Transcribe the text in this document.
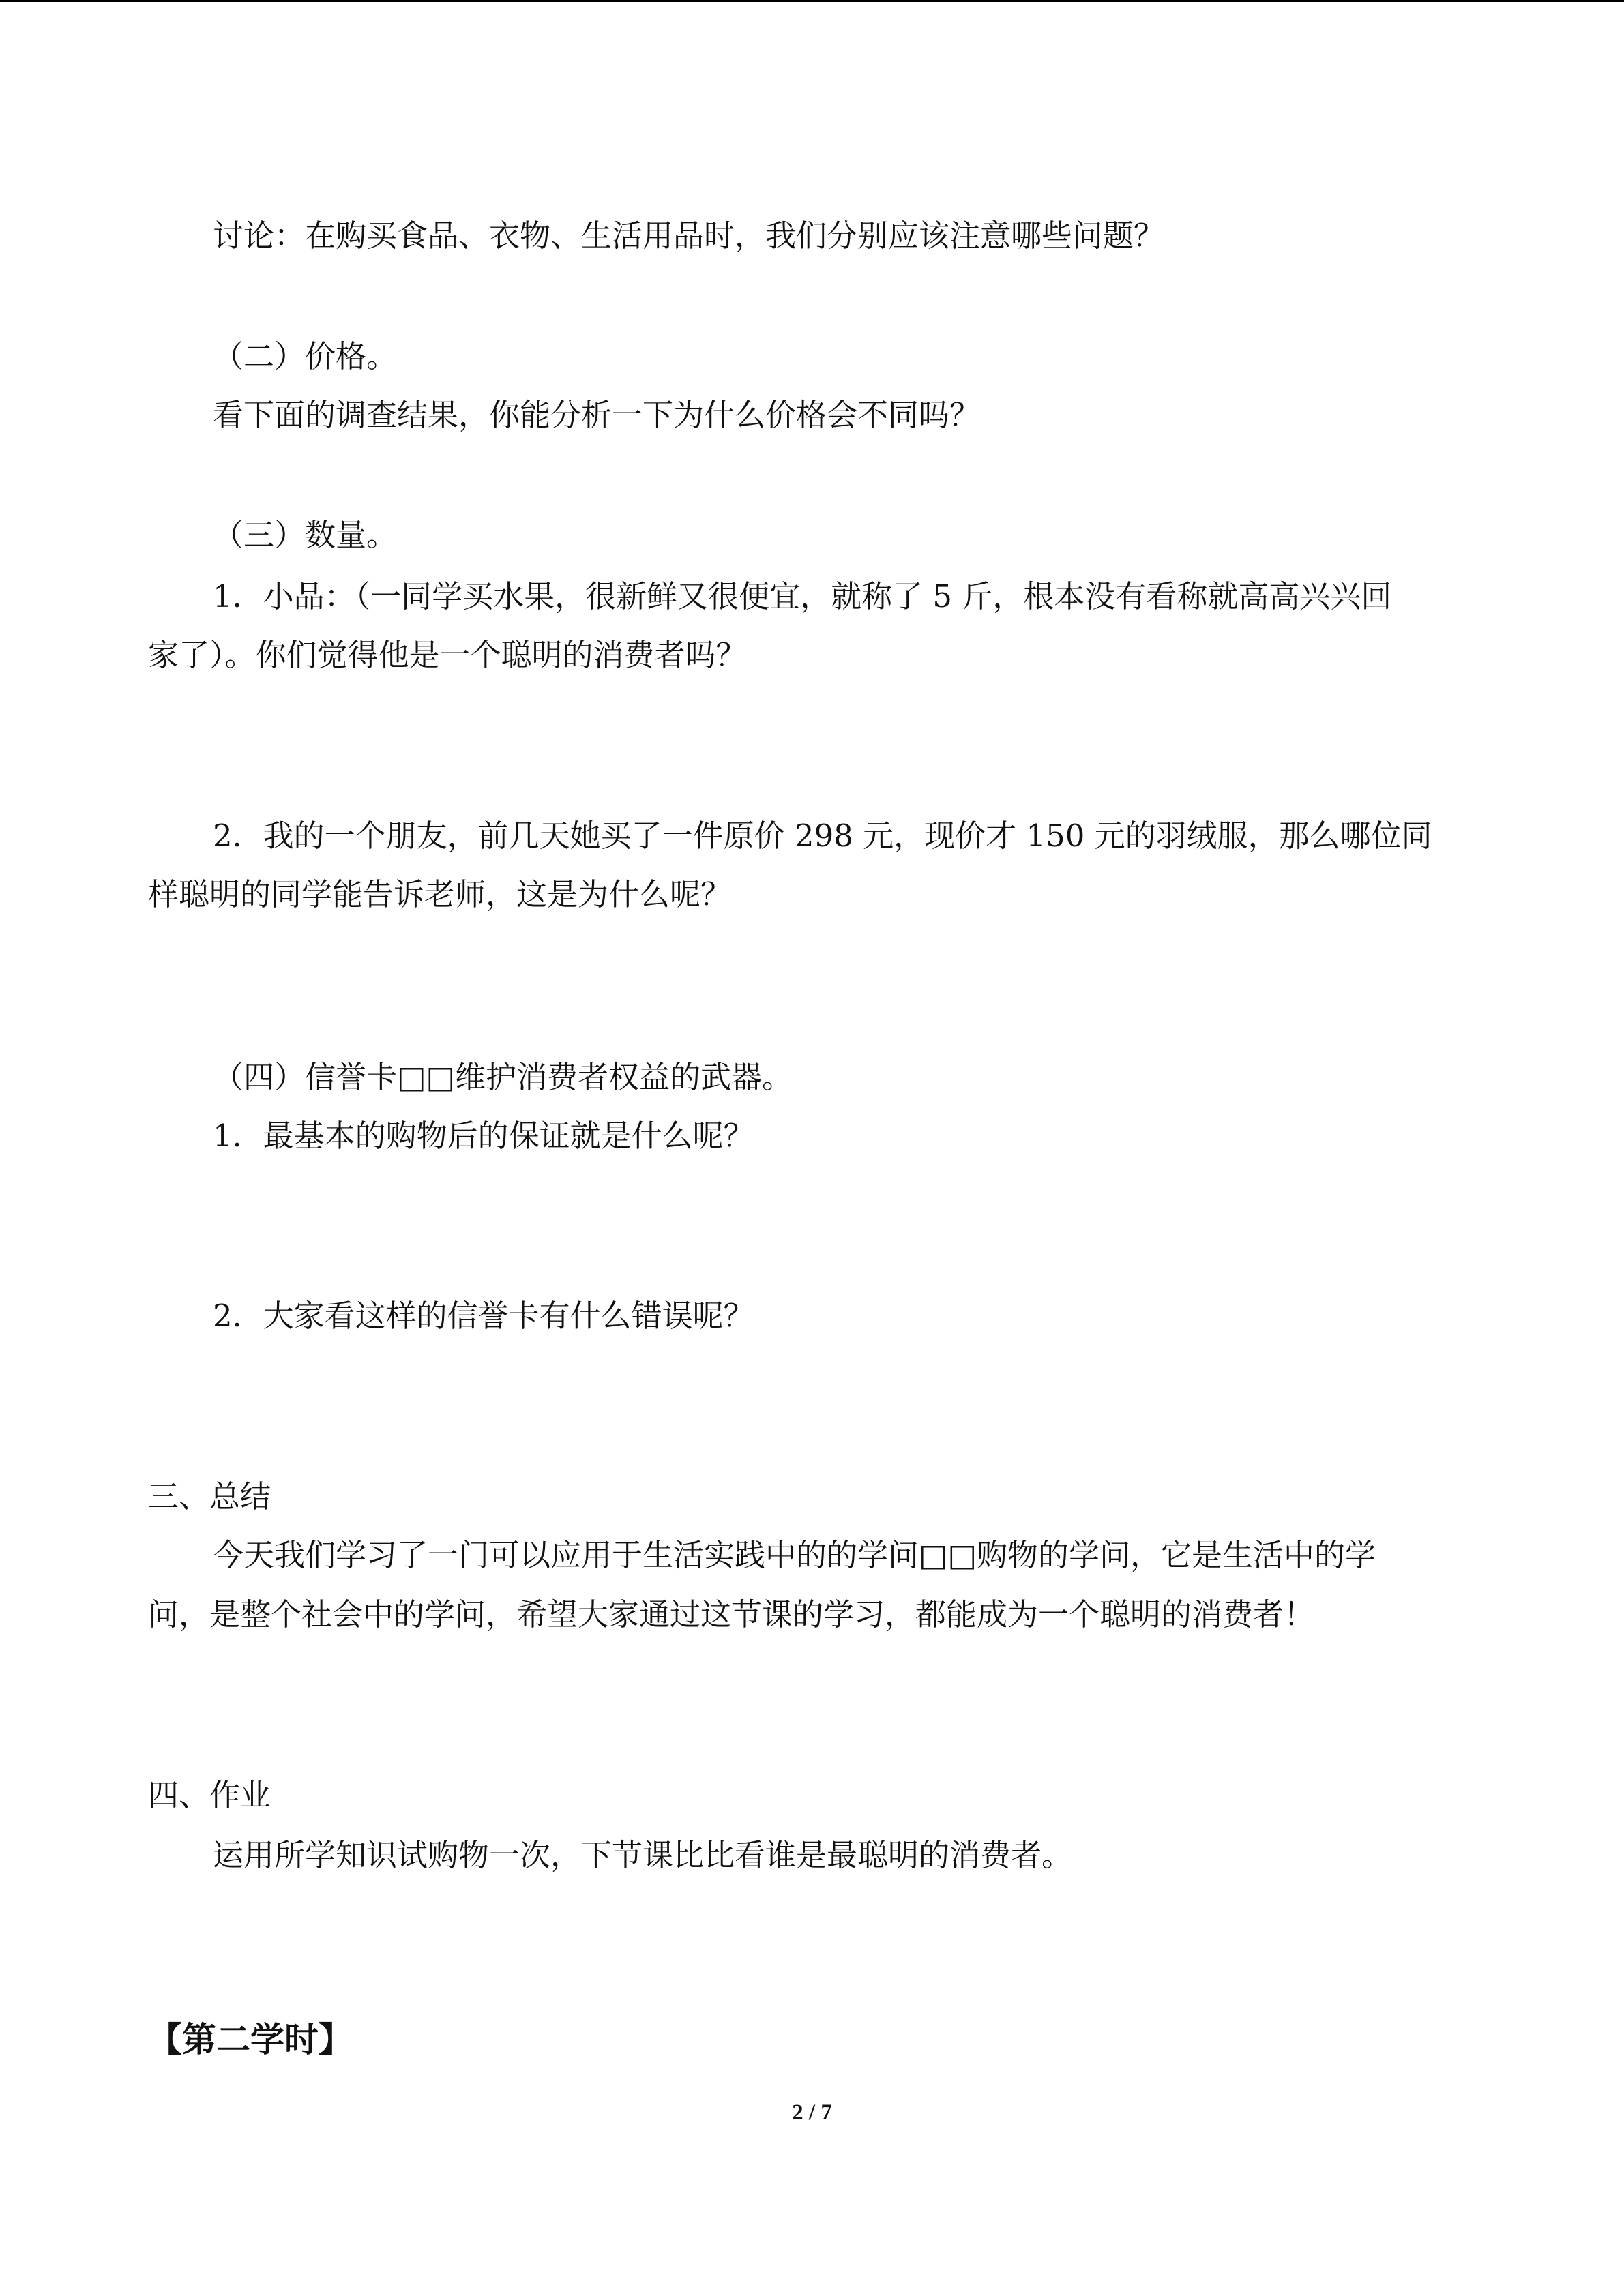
讨论：在购买食品、衣物、生活用品时，我们分别应该注意哪些问题？
（二）价格。
看下面的调查结果，你能分析一下为什么价格会不同吗？
（三）数量。
1．小品：（一同学买水果，很新鲜又很便宜，就称了 5 斤，根本没有看称就高高兴兴回
家了）。你们觉得他是一个聪明的消费者吗？
2．我的一个朋友，前几天她买了一件原价 298 元，现价才 150 元的羽绒服，那么哪位同
样聪明的同学能告诉老师，这是为什么呢？
（四）信誉卡□□维护消费者权益的武器。
1．最基本的购物后的保证就是什么呢？
2．大家看这样的信誉卡有什么错误呢？
三、总结
今天我们学习了一门可以应用于生活实践中的的学问□□购物的学问，它是生活中的学
问，是整个社会中的学问，希望大家通过这节课的学习，都能成为一个聪明的消费者！
四、作业
运用所学知识试购物一次，下节课比比看谁是最聪明的消费者。
【第二学时】
2 / 7
